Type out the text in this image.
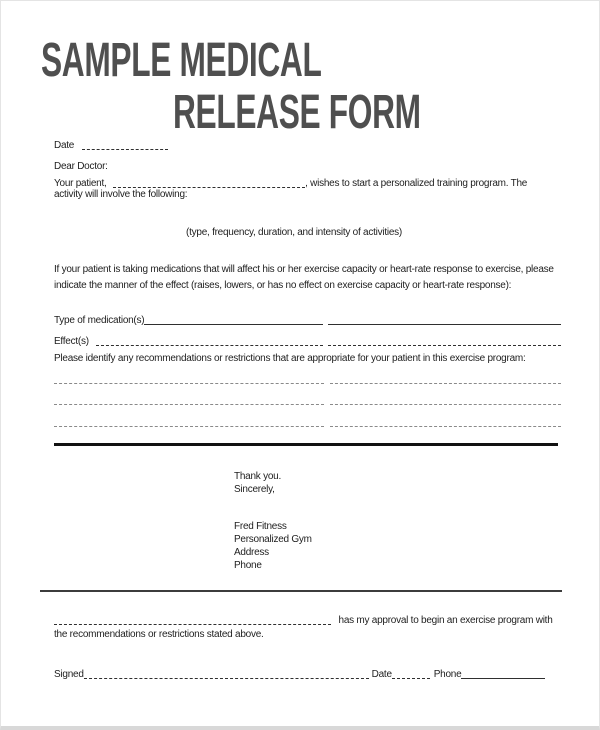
SAMPLE MEDICAL
RELEASE FORM
Date
Dear Doctor:
Your patient,	, wishes to start a personalized training program. The
activity will involve the following:
(type, frequency, duration, and intensity of activities)
If your patient is taking medications that will affect his or her exercise capacity or heart-rate response to exercise, please indicate the manner of the effect (raises, lowers, or has no effect on exercise capacity or heart-rate response):
Type of medication(s)
Effect(s)
Please identify any recommendations or restrictions that are appropriate for your patient in this exercise program:
Thank you.
Sincerely,
Fred Fitness
Personalized Gym
Address
Phone
has my approval to begin an exercise program with
the recommendations or restrictions stated above.
Signed	Date	Phone
